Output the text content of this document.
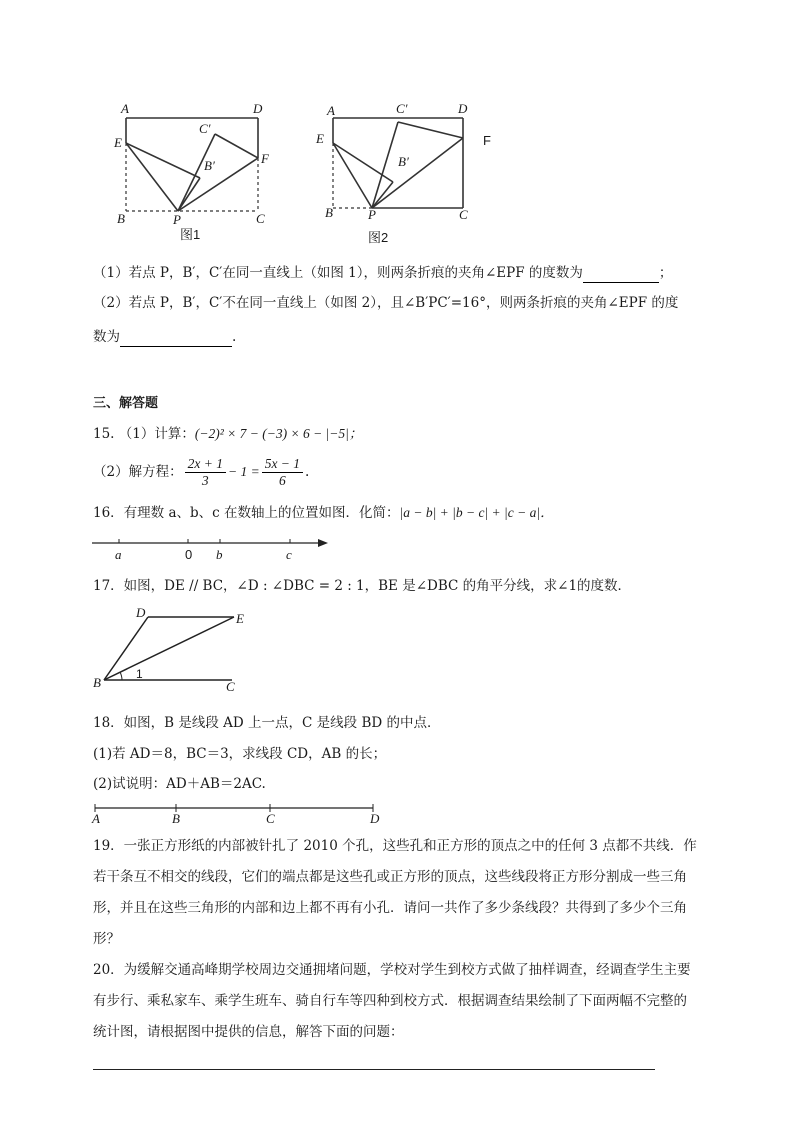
A	D
E
C′
B′	F
B	P	C
图1
A	C′	D
E	F
B′
B	P	C
图2
（1）若点 P，B′，C′在同一直线上（如图 1），则两条折痕的夹角∠EPF 的度数为	；
（2）若点 P，B′，C′不在同一直线上（如图 2），且∠B′PC′=16°，则两条折痕的夹角∠EPF 的度
数为	.
三、解答题
15. （1）计算：(−2)² × 7 − (−3) × 6 − |−5|；
（2）解方程： $\frac{2x + 1}{3} - 1 = \frac{5x - 1}{6}$ .
16．有理数 a、b、c 在数轴上的位置如图．化简：|a − b| + |b − c| + |c − a|．
a	0 b	c
17．如图，DE // BC，∠D : ∠DBC = 2 : 1，BE 是∠DBC 的角平分线，求∠1的度数．
D	E
B	C
1
18．如图，B 是线段 AD 上一点，C 是线段 BD 的中点．
(1)若 AD＝8，BC＝3，求线段 CD，AB 的长；
(2)试说明：AD＋AB＝2AC.
A	B	C	D
19．一张正方形纸的内部被针扎了 2010 个孔，这些孔和正方形的顶点之中的任何 3 点都不共线．作
若干条互不相交的线段，它们的端点都是这些孔或正方形的顶点，这些线段将正方形分割成一些三角
形，并且在这些三角形的内部和边上都不再有小孔．请问一共作了多少条线段？共得到了多少个三角
形？
20．为缓解交通高峰期学校周边交通拥堵问题，学校对学生到校方式做了抽样调查，经调查学生主要
有步行、乘私家车、乘学生班车、骑自行车等四种到校方式．根据调查结果绘制了下面两幅不完整的
统计图，请根据图中提供的信息，解答下面的问题：
